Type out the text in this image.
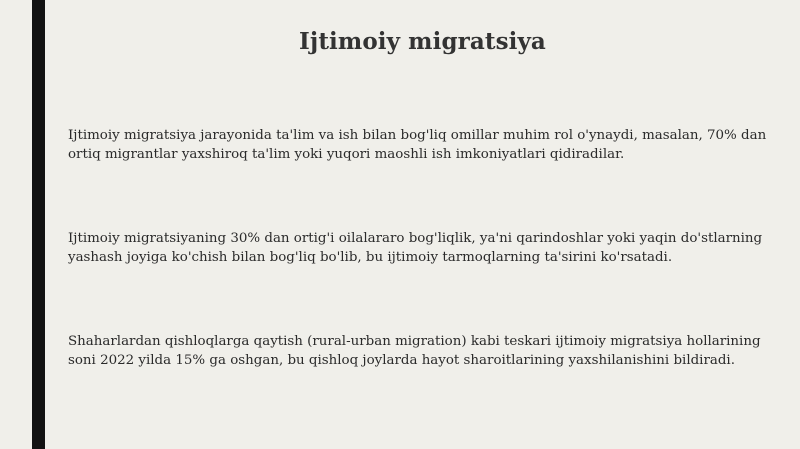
Ijtimoiy migratsiya

Ijtimoiy migratsiya jarayonida ta'lim va ish bilan bog'liq omillar muhim rol o'ynaydi, masalan, 70% dan ortiq migrantlar yaxshiroq ta'lim yoki yuqori maoshli ish imkoniyatlari qidiradilar.

Ijtimoiy migratsiyaning 30% dan ortig'i oilalararo bog'liqlik, ya'ni qarindoshlar yoki yaqin do'stlarning yashash joyiga ko'chish bilan bog'liq bo'lib, bu ijtimoiy tarmoqlarning ta'sirini ko'rsatadi.

Shaharlardan qishloqlarga qaytish (rural-urban migration) kabi teskari ijtimoiy migratsiya hollarining soni 2022 yilda 15% ga oshgan, bu qishloq joylarda hayot sharoitlarining yaxshilanishini bildiradi.
